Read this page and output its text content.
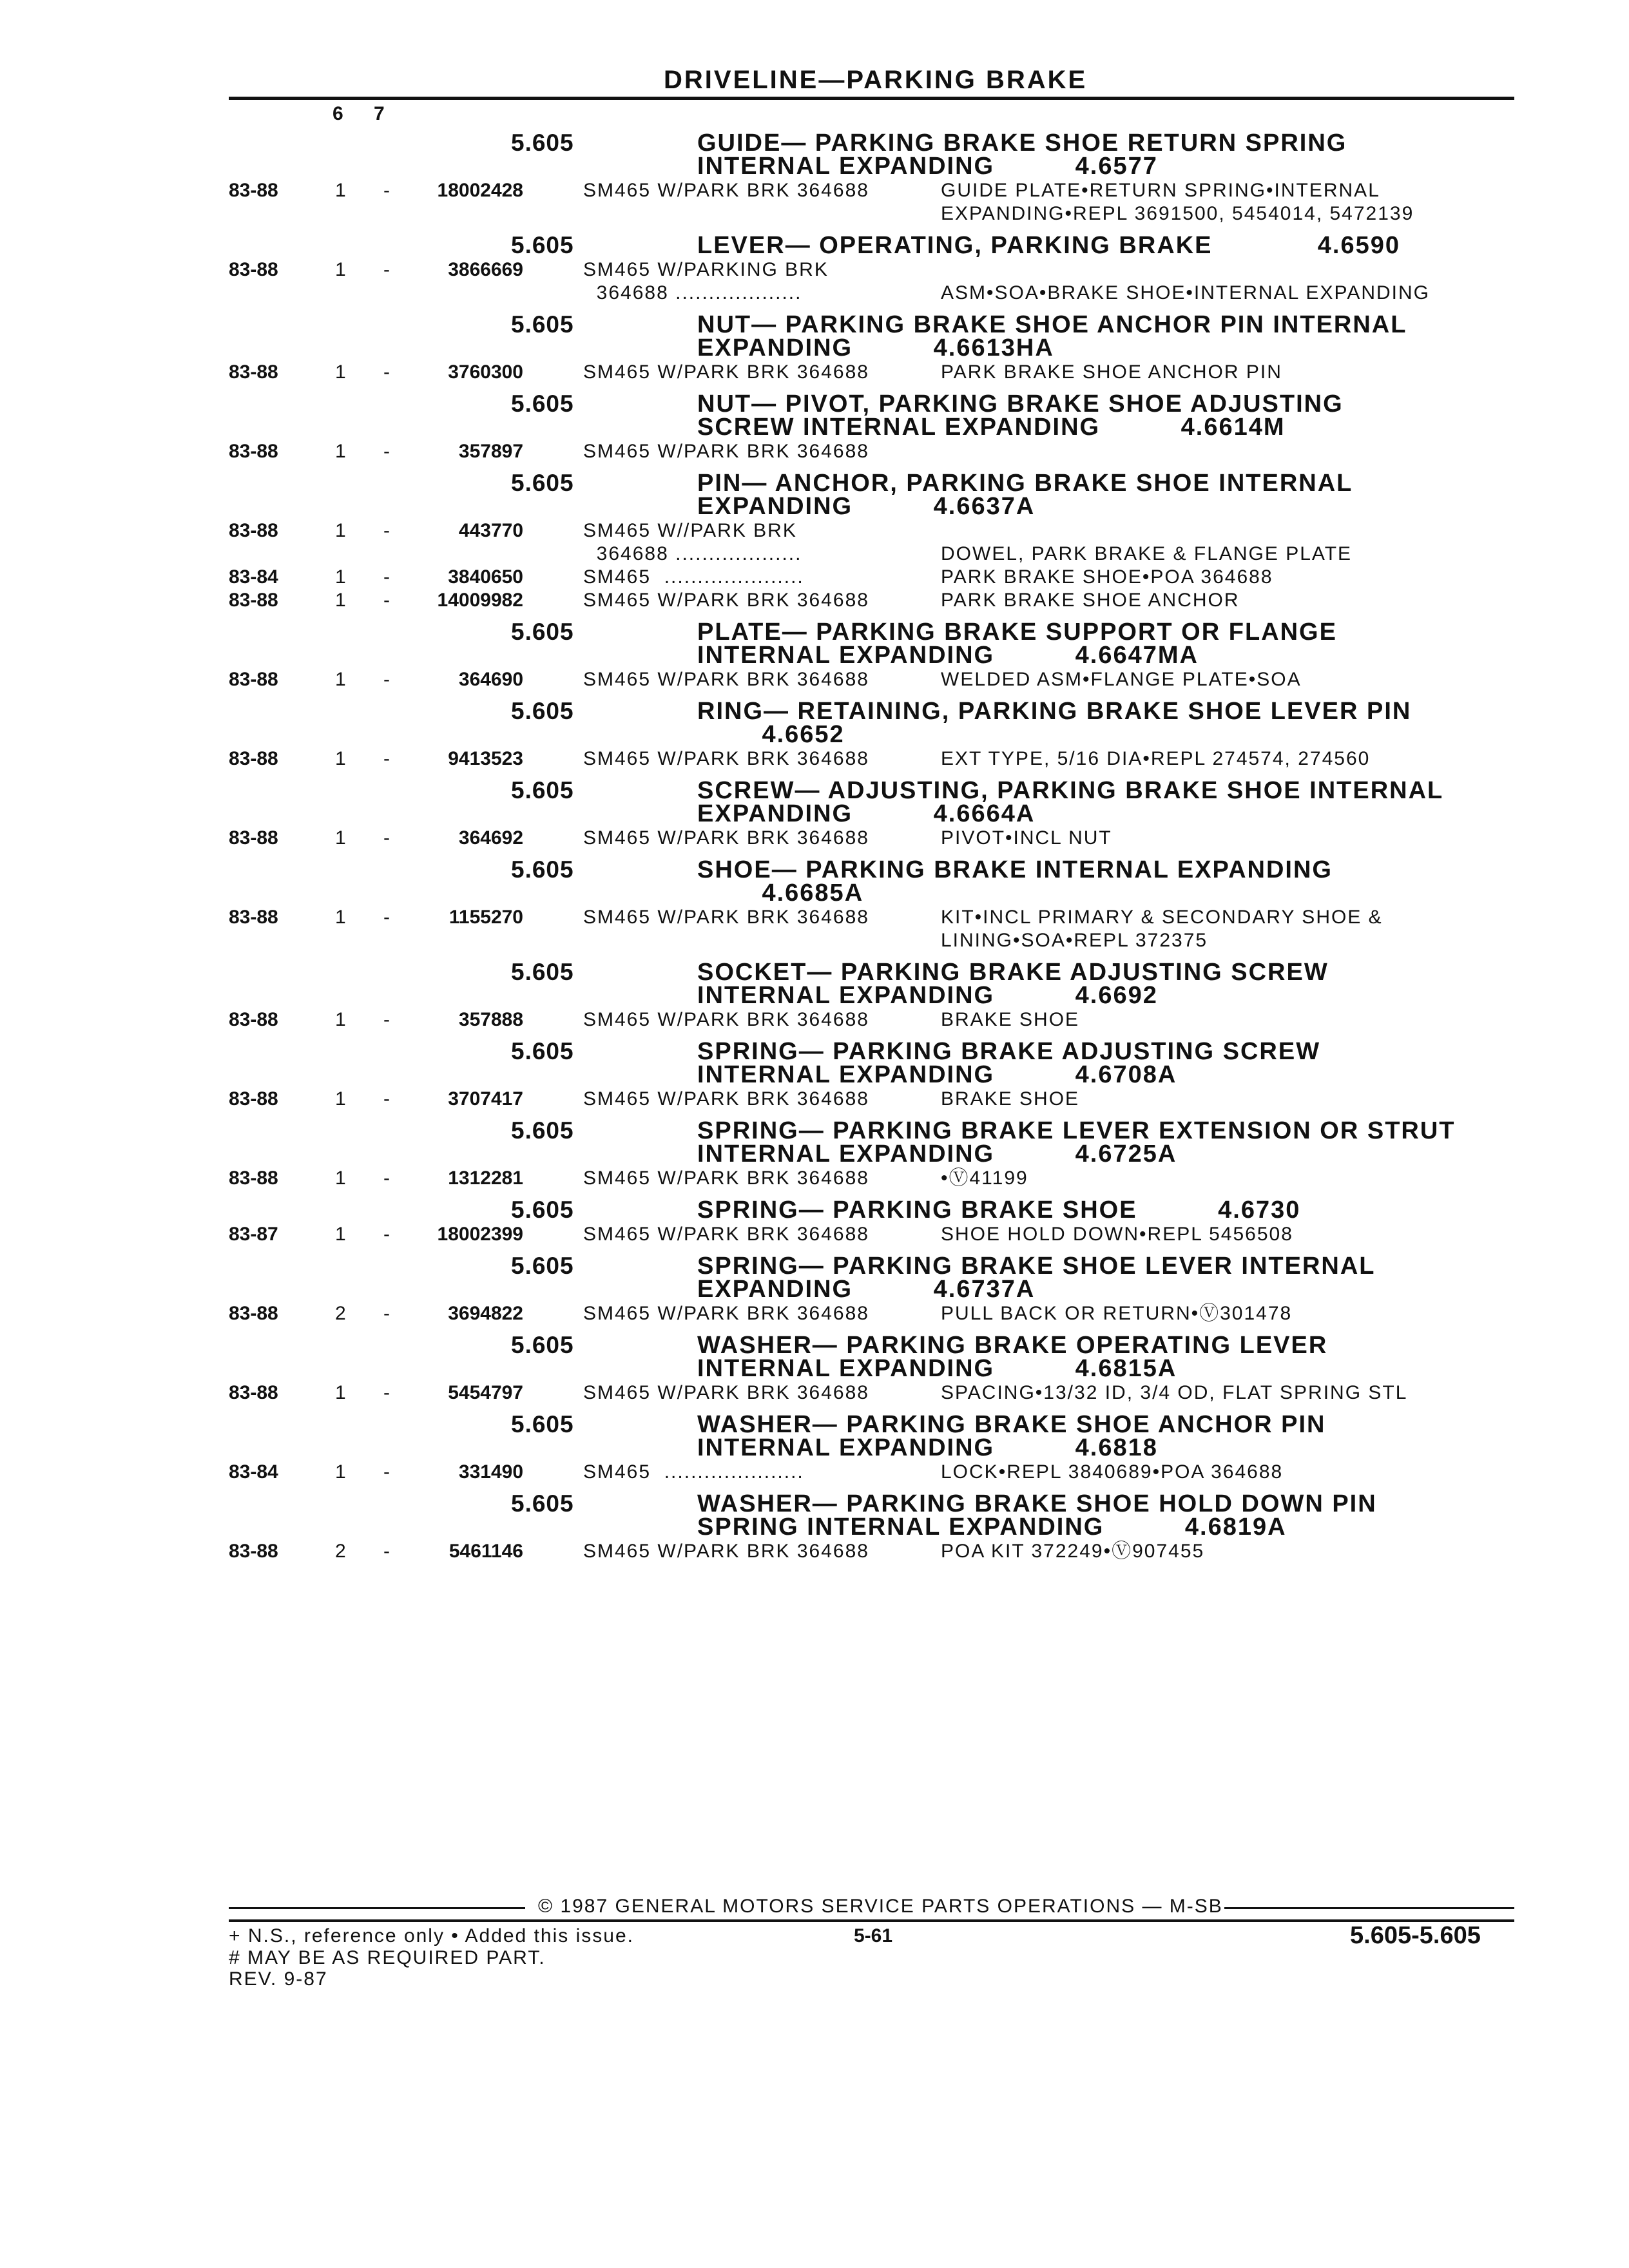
DRIVELINE—PARKING BRAKE
6 7
5.605	GUIDE— PARKING BRAKE SHOE RETURN SPRING
INTERNAL EXPANDING          4.6577
83-88	1 - 18002428	SM465 W/PARK BRK 364688	GUIDE PLATE•RETURN SPRING•INTERNAL
EXPANDING•REPL 3691500, 5454014, 5472139
5.605	LEVER— OPERATING, PARKING BRAKE             4.6590
83-88	1 -	3866669	SM465 W/PARKING BRK
364688 ...................	ASM•SOA•BRAKE SHOE•INTERNAL EXPANDING
5.605	NUT— PARKING BRAKE SHOE ANCHOR PIN INTERNAL
EXPANDING          4.6613HA
83-88	1 -	3760300	SM465 W/PARK BRK 364688	PARK BRAKE SHOE ANCHOR PIN
5.605	NUT— PIVOT, PARKING BRAKE SHOE ADJUSTING
SCREW INTERNAL EXPANDING          4.6614M
83-88	1 -	357897	SM465 W/PARK BRK 364688
5.605	PIN— ANCHOR, PARKING BRAKE SHOE INTERNAL
EXPANDING          4.6637A
83-88	1 -	443770	SM465 W//PARK BRK
364688 ...................	DOWEL, PARK BRAKE & FLANGE PLATE
83-84	1 -	3840650	SM465  .....................	PARK BRAKE SHOE•POA 364688
83-88	1 - 14009982	SM465 W/PARK BRK 364688	PARK BRAKE SHOE ANCHOR
5.605	PLATE— PARKING BRAKE SUPPORT OR FLANGE
INTERNAL EXPANDING          4.6647MA
83-88	1 -	364690	SM465 W/PARK BRK 364688	WELDED ASM•FLANGE PLATE•SOA
5.605	RING— RETAINING, PARKING BRAKE SHOE LEVER PIN
4.6652
83-88	1 -	9413523	SM465 W/PARK BRK 364688	EXT TYPE, 5/16 DIA•REPL 274574, 274560
5.605	SCREW— ADJUSTING, PARKING BRAKE SHOE INTERNAL
EXPANDING          4.6664A
83-88	1 -	364692	SM465 W/PARK BRK 364688	PIVOT•INCL NUT
5.605	SHOE— PARKING BRAKE INTERNAL EXPANDING
4.6685A
83-88	1 -	1155270	SM465 W/PARK BRK 364688	KIT•INCL PRIMARY & SECONDARY SHOE &
LINING•SOA•REPL 372375
5.605	SOCKET— PARKING BRAKE ADJUSTING SCREW
INTERNAL EXPANDING          4.6692
83-88	1 -	357888	SM465 W/PARK BRK 364688	BRAKE SHOE
5.605	SPRING— PARKING BRAKE ADJUSTING SCREW
INTERNAL EXPANDING          4.6708A
83-88	1 -	3707417	SM465 W/PARK BRK 364688	BRAKE SHOE
5.605	SPRING— PARKING BRAKE LEVER EXTENSION OR STRUT
INTERNAL EXPANDING          4.6725A
83-88	1 -	1312281	SM465 W/PARK BRK 364688	•Ⓥ41199
5.605	SPRING— PARKING BRAKE SHOE          4.6730
83-87	1 - 18002399	SM465 W/PARK BRK 364688	SHOE HOLD DOWN•REPL 5456508
5.605	SPRING— PARKING BRAKE SHOE LEVER INTERNAL
EXPANDING          4.6737A
83-88	2 -	3694822	SM465 W/PARK BRK 364688	PULL BACK OR RETURN•Ⓥ301478
5.605	WASHER— PARKING BRAKE OPERATING LEVER
INTERNAL EXPANDING          4.6815A
83-88	1 -	5454797	SM465 W/PARK BRK 364688	SPACING•13/32 ID, 3/4 OD, FLAT SPRING STL
5.605	WASHER— PARKING BRAKE SHOE ANCHOR PIN
INTERNAL EXPANDING          4.6818
83-84	1 -	331490	SM465  .....................	LOCK•REPL 3840689•POA 364688
5.605	WASHER— PARKING BRAKE SHOE HOLD DOWN PIN
SPRING INTERNAL EXPANDING          4.6819A
83-88	2 -	5461146	SM465 W/PARK BRK 364688	POA KIT 372249•Ⓥ907455
© 1987 GENERAL MOTORS SERVICE PARTS OPERATIONS — M-SB
+ N.S., reference only • Added this issue.	5-61	5.605-5.605
# MAY BE AS REQUIRED PART.
REV. 9-87
